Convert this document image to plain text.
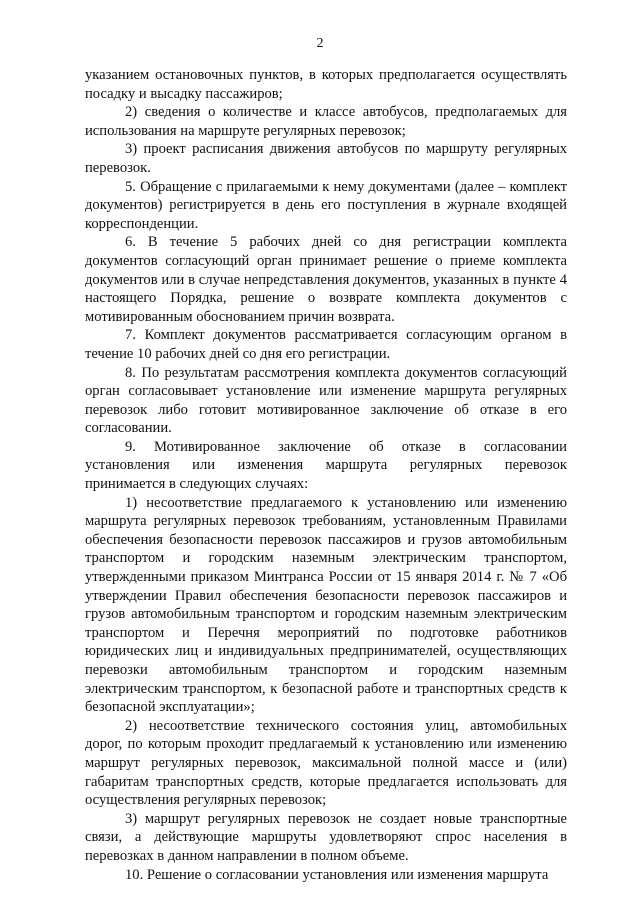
2

указанием остановочных пунктов, в которых предполагается осуществлять посадку и высадку пассажиров;

2) сведения о количестве и классе автобусов, предполагаемых для использования на маршруте регулярных перевозок;

3) проект расписания движения автобусов по маршруту регулярных перевозок.

5. Обращение с прилагаемыми к нему документами (далее – комплект документов) регистрируется в день его поступления в журнале входящей корреспонденции.

6. В течение 5 рабочих дней со дня регистрации комплекта документов согласующий орган принимает решение о приеме комплекта документов или в случае непредставления документов, указанных в пункте 4 настоящего Порядка, решение о возврате комплекта документов с мотивированным обоснованием причин возврата.

7. Комплект документов рассматривается согласующим органом в течение 10 рабочих дней со дня его регистрации.

8. По результатам рассмотрения комплекта документов согласующий орган согласовывает установление или изменение маршрута регулярных перевозок либо готовит мотивированное заключение об отказе в его согласовании.

9. Мотивированное заключение об отказе в согласовании установления или изменения маршрута регулярных перевозок

принимается в следующих случаях:

1) несоответствие предлагаемого к установлению или изменению маршрута регулярных перевозок требованиям, установленным Правилами обеспечения безопасности перевозок пассажиров и грузов автомобильным транспортом и городским наземным электрическим транспортом, утвержденными приказом Минтранса России от 15 января 2014 г. № 7 «Об утверждении Правил обеспечения безопасности перевозок пассажиров и грузов автомобильным транспортом и городским наземным электрическим транспортом и Перечня мероприятий по подготовке работников юридических лиц и индивидуальных предпринимателей, осуществляющих перевозки автомобильным транспортом и городским наземным электрическим транспортом, к безопасной работе и транспортных средств к безопасной эксплуатации»;

2) несоответствие технического состояния улиц, автомобильных дорог, по которым проходит предлагаемый к установлению или изменению маршрут регулярных перевозок, максимальной полной массе и (или) габаритам транспортных средств, которые предлагается использовать для осуществления регулярных перевозок;

3) маршрут регулярных перевозок не создает новые транспортные связи, а действующие маршруты удовлетворяют спрос населения в перевозках в данном направлении в полном объеме.

10. Решение о согласовании установления или изменения маршрута
